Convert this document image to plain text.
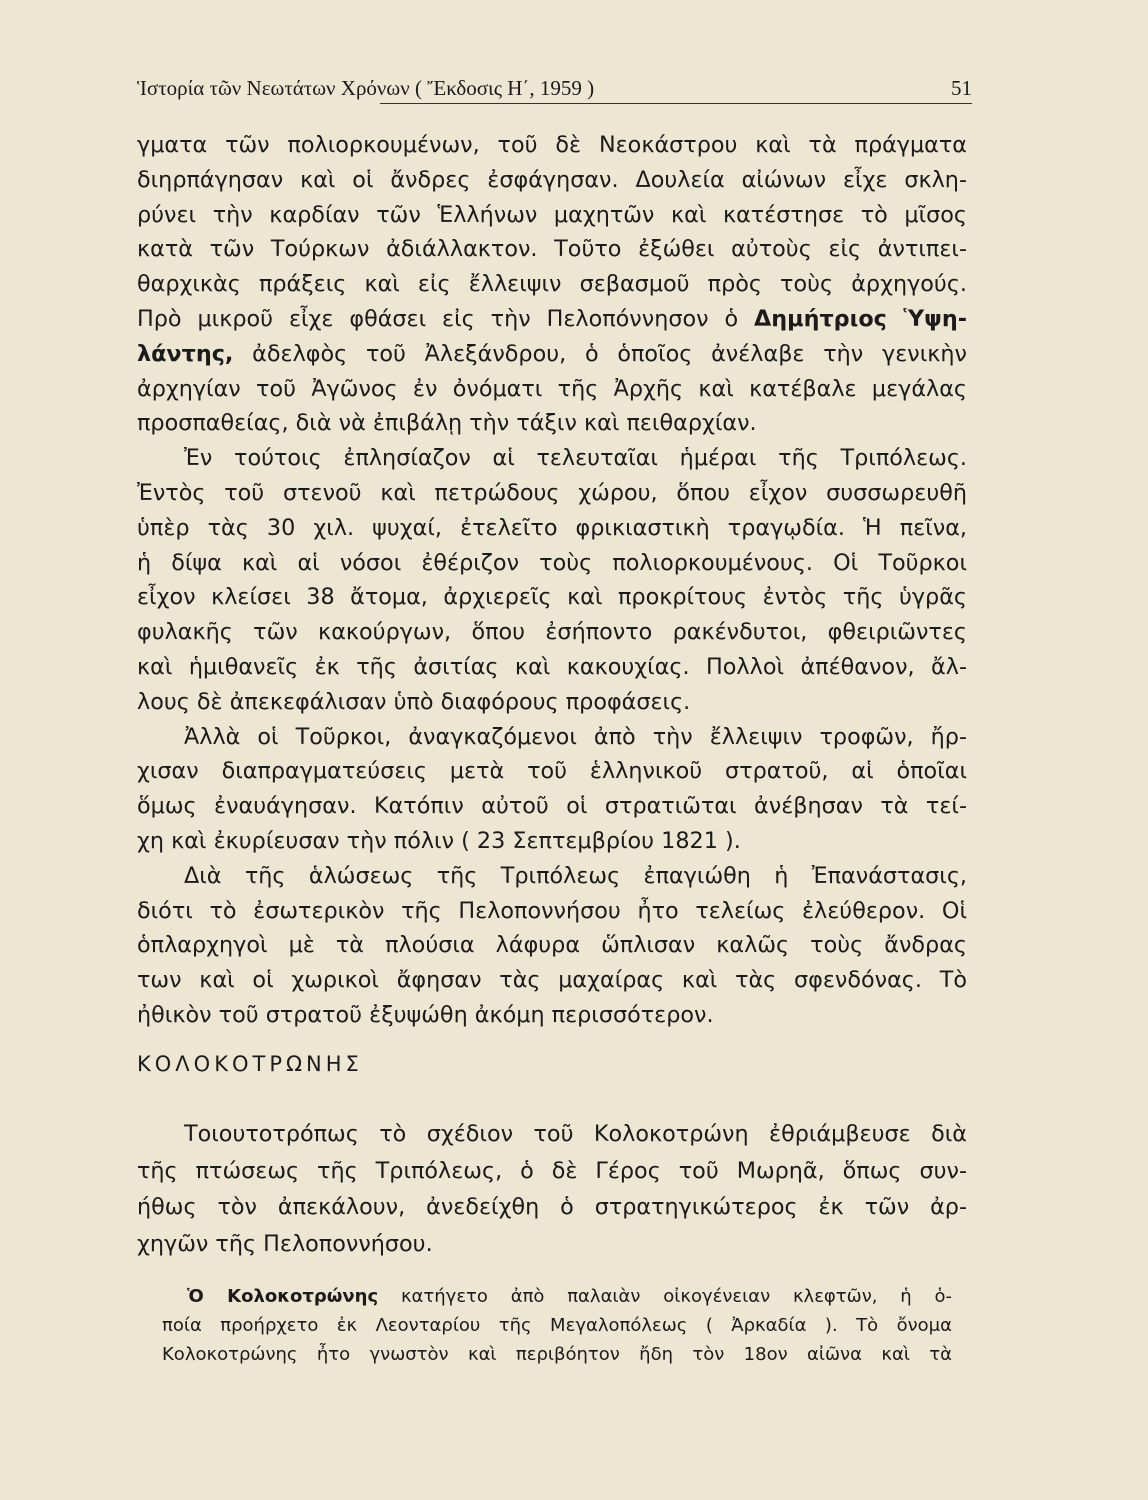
Ἱστορία τῶν Νεωτάτων Χρόνων ( Ἔκδοσις Η΄, 1959 )	51
γματα τῶν πολιορκουμένων, τοῦ δὲ Νεοκάστρου καὶ τὰ πράγματα
διηρπάγησαν καὶ οἱ ἄνδρες ἐσφάγησαν. Δουλεία αἰώνων εἶχε σκλη-
ρύνει τὴν καρδίαν τῶν Ἑλλήνων μαχητῶν καὶ κατέστησε τὸ μῖσος
κατὰ τῶν Τούρκων ἀδιάλλακτον. Τοῦτο ἐξώθει αὐτοὺς εἰς ἀντιπει-
θαρχικὰς πράξεις καὶ εἰς ἔλλειψιν σεβασμοῦ πρὸς τοὺς ἀρχηγούς.
Πρὸ μικροῦ εἶχε φθάσει εἰς τὴν Πελοπόννησον ὁ Δημήτριος Ὑψη-
λάντης, ἀδελφὸς τοῦ Ἀλεξάνδρου, ὁ ὁποῖος ἀνέλαβε τὴν γενικὴν
ἀρχηγίαν τοῦ Ἀγῶνος ἐν ὀνόματι τῆς Ἀρχῆς καὶ κατέβαλε μεγάλας
προσπαθείας, διὰ νὰ ἐπιβάλῃ τὴν τάξιν καὶ πειθαρχίαν.
Ἐν τούτοις ἐπλησίαζον αἱ τελευταῖαι ἡμέραι τῆς Τριπόλεως.
Ἐντὸς τοῦ στενοῦ καὶ πετρώδους χώρου, ὅπου εἶχον συσσωρευθῆ
ὑπὲρ τὰς 30 χιλ. ψυχαί, ἐτελεῖτο φρικιαστικὴ τραγῳδία. Ἡ πεῖνα,
ἡ δίψα καὶ αἱ νόσοι ἐθέριζον τοὺς πολιορκουμένους. Οἱ Τοῦρκοι
εἶχον κλείσει 38 ἄτομα, ἀρχιερεῖς καὶ προκρίτους ἐντὸς τῆς ὑγρᾶς
φυλακῆς τῶν κακούργων, ὅπου ἐσήποντο ρακένδυτοι, φθειριῶντες
καὶ ἡμιθανεῖς ἐκ τῆς ἀσιτίας καὶ κακουχίας. Πολλοὶ ἀπέθανον, ἄλ-
λους δὲ ἀπεκεφάλισαν ὑπὸ διαφόρους προφάσεις.
Ἀλλὰ οἱ Τοῦρκοι, ἀναγκαζόμενοι ἀπὸ τὴν ἔλλειψιν τροφῶν, ἤρ-
χισαν διαπραγματεύσεις μετὰ τοῦ ἑλληνικοῦ στρατοῦ, αἱ ὁποῖαι
ὅμως ἐναυάγησαν. Κατόπιν αὐτοῦ οἱ στρατιῶται ἀνέβησαν τὰ τεί-
χη καὶ ἐκυρίευσαν τὴν πόλιν ( 23 Σεπτεμβρίου 1821 ).
Διὰ τῆς ἁλώσεως τῆς Τριπόλεως ἐπαγιώθη ἡ Ἐπανάστασις,
διότι τὸ ἐσωτερικὸν τῆς Πελοποννήσου ἦτο τελείως ἐλεύθερον. Οἱ
ὁπλαρχηγοὶ μὲ τὰ πλούσια λάφυρα ὥπλισαν καλῶς τοὺς ἄνδρας
των καὶ οἱ χωρικοὶ ἄφησαν τὰς μαχαίρας καὶ τὰς σφενδόνας. Τὸ
ἠθικὸν τοῦ στρατοῦ ἐξυψώθη ἀκόμη περισσότερον.
ΚΟΛΟΚΟΤΡΩΝΗΣ
Τοιουτοτρόπως τὸ σχέδιον τοῦ Κολοκοτρώνη ἐθριάμβευσε διὰ
τῆς πτώσεως τῆς Τριπόλεως, ὁ δὲ Γέρος τοῦ Μωρηᾶ, ὅπως συν-
ήθως τὸν ἀπεκάλουν, ἀνεδείχθη ὁ στρατηγικώτερος ἐκ τῶν ἀρ-
χηγῶν τῆς Πελοποννήσου.
Ὁ Κολοκοτρώνης κατήγετο ἀπὸ παλαιὰν οἰκογένειαν κλεφτῶν, ἡ ὁ-
ποία προήρχετο ἐκ Λεονταρίου τῆς Μεγαλοπόλεως ( Ἀρκαδία ). Τὸ ὄνομα
Κολοκοτρώνης ἦτο γνωστὸν καὶ περιβόητον ἤδη τὸν 18ον αἰῶνα καὶ τὰ
